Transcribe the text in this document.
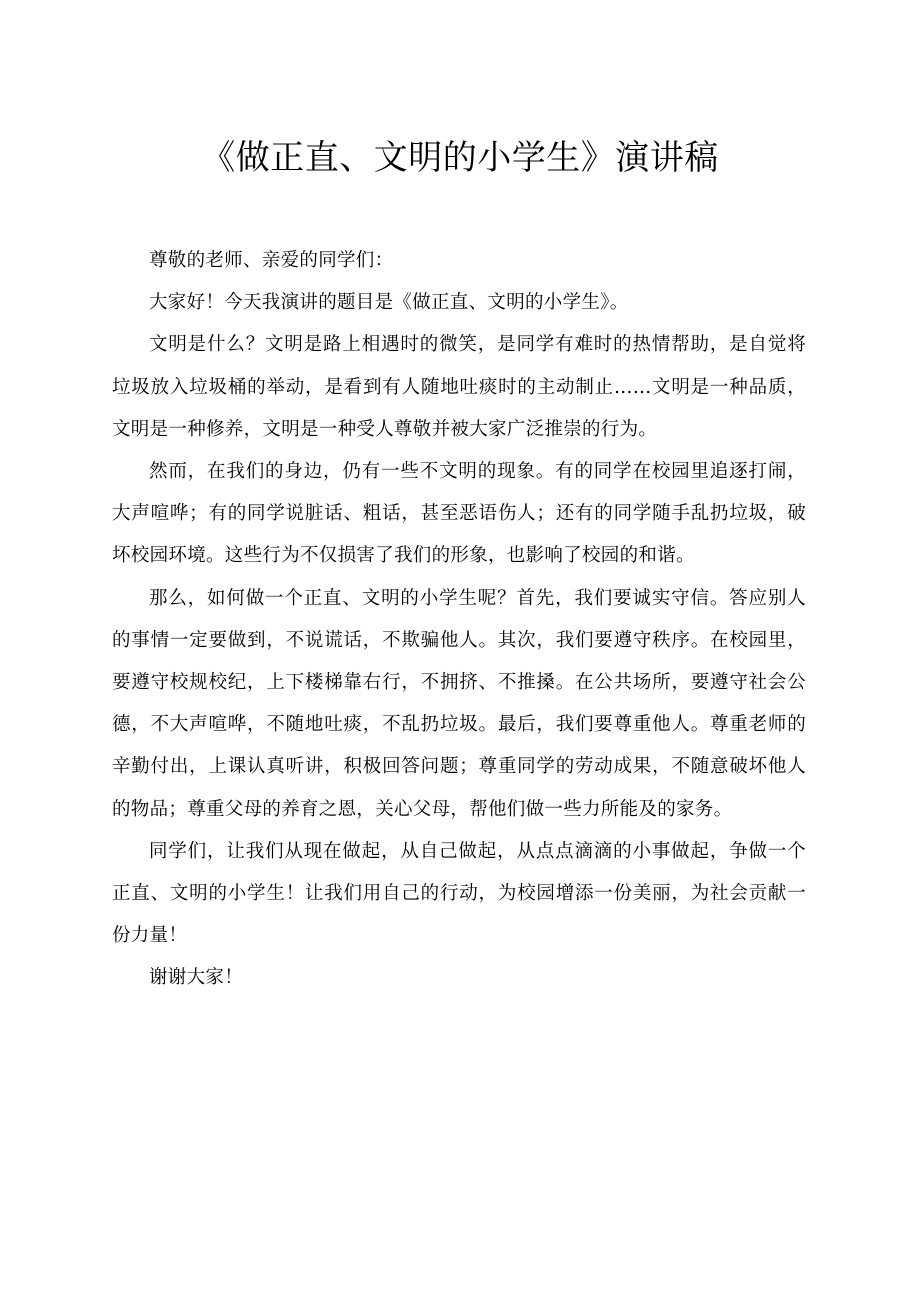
《做正直、文明的小学生》演讲稿

尊敬的老师、亲爱的同学们：

大家好！今天我演讲的题目是《做正直、文明的小学生》。

文明是什么？文明是路上相遇时的微笑，是同学有难时的热情帮助，是自觉将垃圾放入垃圾桶的举动，是看到有人随地吐痰时的主动制止……文明是一种品质，文明是一种修养，文明是一种受人尊敬并被大家广泛推崇的行为。

然而，在我们的身边，仍有一些不文明的现象。有的同学在校园里追逐打闹，大声喧哗；有的同学说脏话、粗话，甚至恶语伤人；还有的同学随手乱扔垃圾，破坏校园环境。这些行为不仅损害了我们的形象，也影响了校园的和谐。

那么，如何做一个正直、文明的小学生呢？首先，我们要诚实守信。答应别人的事情一定要做到，不说谎话，不欺骗他人。其次，我们要遵守秩序。在校园里，要遵守校规校纪，上下楼梯靠右行，不拥挤、不推搡。在公共场所，要遵守社会公德，不大声喧哗，不随地吐痰，不乱扔垃圾。最后，我们要尊重他人。尊重老师的辛勤付出，上课认真听讲，积极回答问题；尊重同学的劳动成果，不随意破坏他人的物品；尊重父母的养育之恩，关心父母，帮他们做一些力所能及的家务。

同学们，让我们从现在做起，从自己做起，从点点滴滴的小事做起，争做一个正直、文明的小学生！让我们用自己的行动，为校园增添一份美丽，为社会贡献一份力量！

谢谢大家！
